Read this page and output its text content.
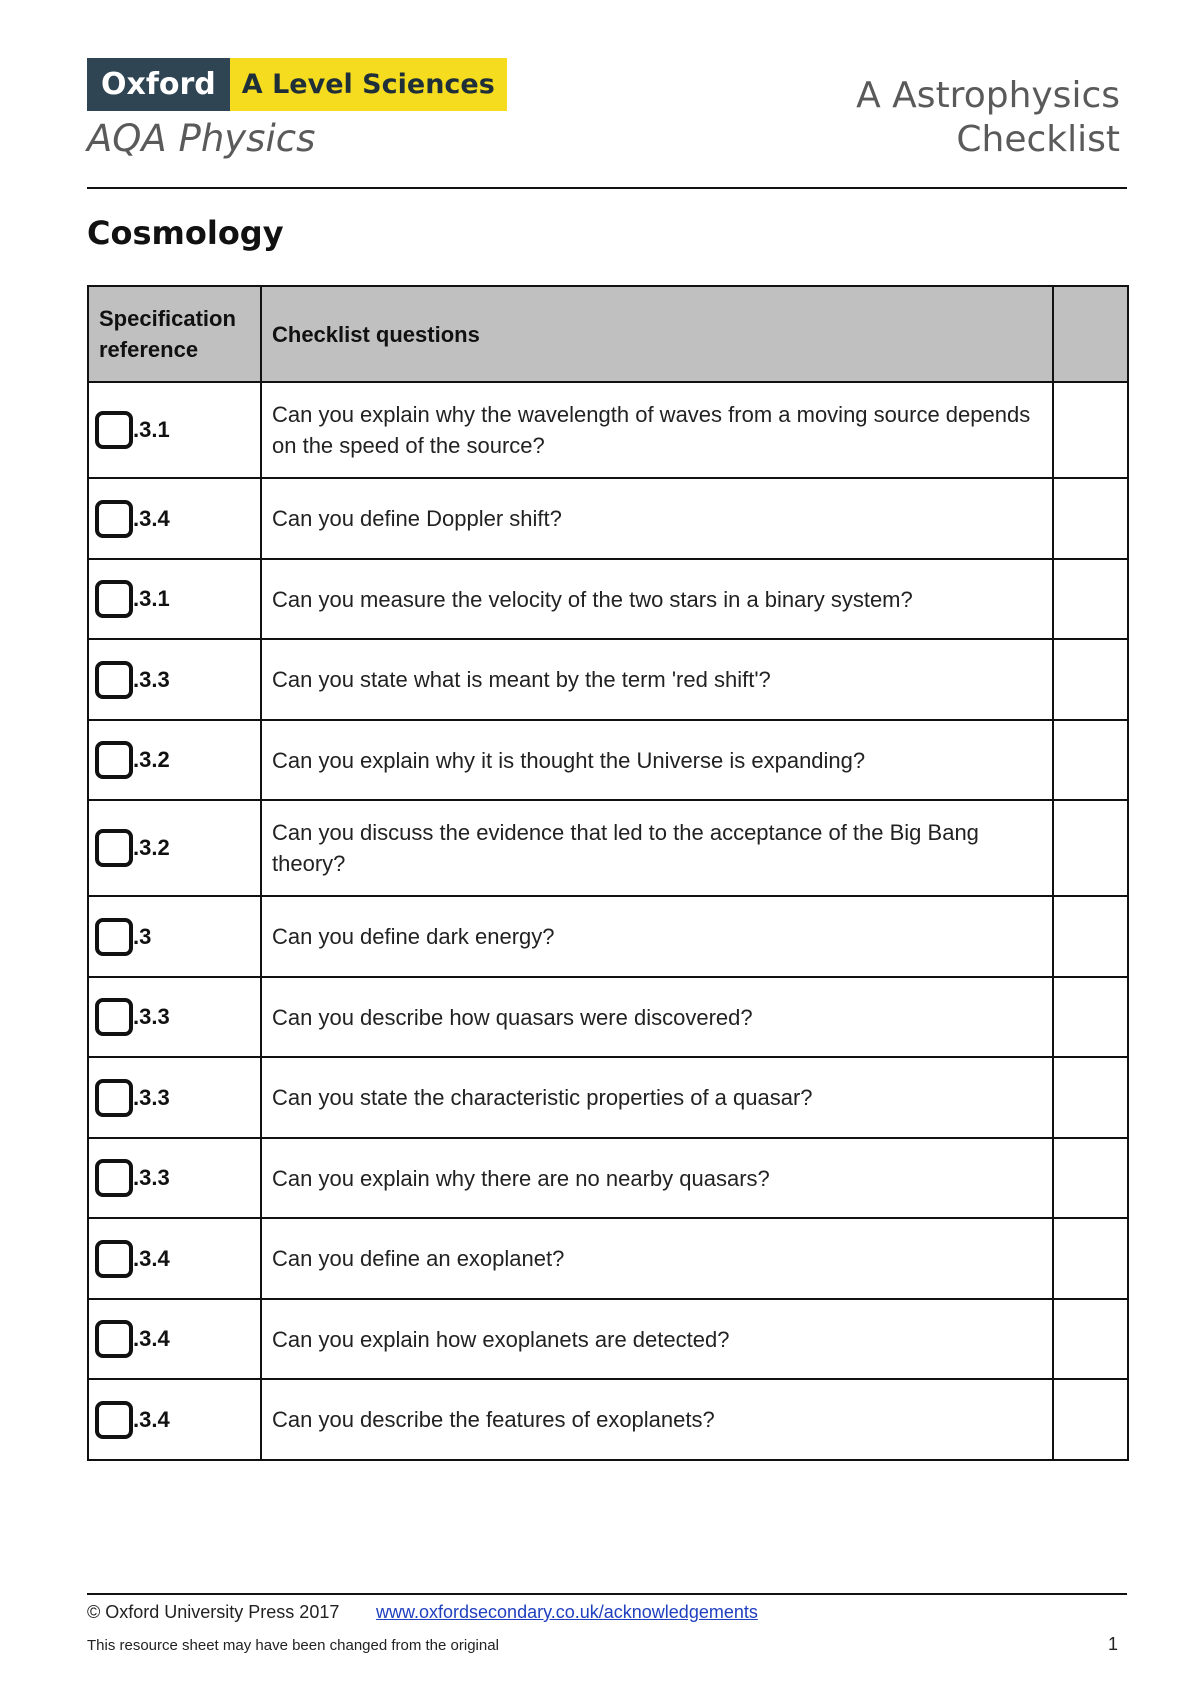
Oxford A Level Sciences
AQA Physics
A Astrophysics
Checklist
Cosmology
Specification reference	Checklist questions	

.3.1	Can you explain why the wavelength of waves from a moving source depends on the speed of the source?	

.3.4	Can you define Doppler shift?	

.3.1	Can you measure the velocity of the two stars in a binary system?	

.3.3	Can you state what is meant by the term 'red shift'?	

.3.2	Can you explain why it is thought the Universe is expanding?	

.3.2	Can you discuss the evidence that led to the acceptance of the Big Bang theory?	

.3	Can you define dark energy?	

.3.3	Can you describe how quasars were discovered?	

.3.3	Can you state the characteristic properties of a quasar?	

.3.3	Can you explain why there are no nearby quasars?	

.3.4	Can you define an exoplanet?	

.3.4	Can you explain how exoplanets are detected?	

.3.4	Can you describe the features of exoplanets?	
© Oxford University Press 2017 www.oxfordsecondary.co.uk/acknowledgements
This resource sheet may have been changed from the original	1
